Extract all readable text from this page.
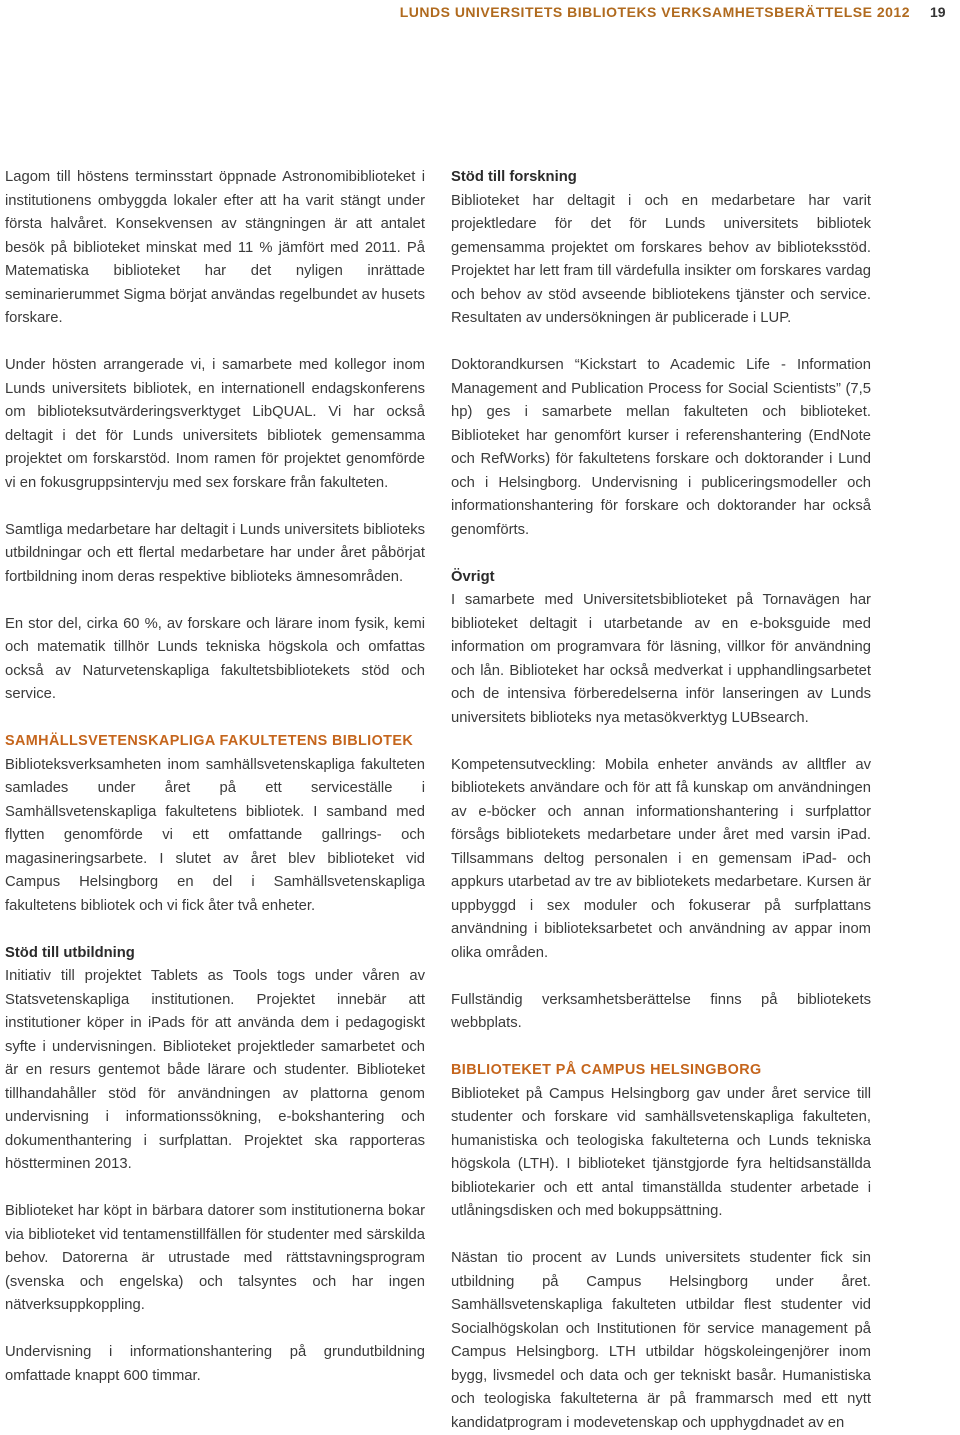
LUNDS UNIVERSITETS BIBLIOTEKS VERKSAMHETSBERÄTTELSE 2012 19

Lagom till höstens terminsstart öppnade Astronomibiblioteket i institutionens ombyggda lokaler efter att ha varit stängt under första halvåret. Konsekvensen av stängningen är att antalet besök på biblioteket minskat med 11 % jämfört med 2011. På Matematiska biblioteket har det nyligen inrättade seminarierummet Sigma börjat användas regelbundet av husets forskare.

Under hösten arrangerade vi, i samarbete med kollegor inom Lunds universitets bibliotek, en internationell endagskonferens om biblioteksutvärderingsverktyget LibQUAL. Vi har också deltagit i det för Lunds universitets bibliotek gemensamma projektet om forskarstöd. Inom ramen för projektet genomförde vi en fokusgruppsintervju med sex forskare från fakulteten.

Samtliga medarbetare har deltagit i Lunds universitets biblioteks utbildningar och ett flertal medarbetare har under året påbörjat fortbildning inom deras respektive biblioteks ämnesområden.

En stor del, cirka 60 %, av forskare och lärare inom fysik, kemi och matematik tillhör Lunds tekniska högskola och omfattas också av Naturvetenskapliga fakultetsbibliotekets stöd och service.

SAMHÄLLSVETENSKAPLIGA FAKULTETENS BIBLIOTEK

Biblioteksverksamheten inom samhällsvetenskapliga fakulteten samlades under året på ett serviceställe i Samhällsvetenskapliga fakultetens bibliotek. I samband med flytten genomförde vi ett omfattande gallrings- och magasineringsarbete. I slutet av året blev biblioteket vid Campus Helsingborg en del i Samhällsvetenskapliga fakultetens bibliotek och vi fick åter två enheter.

Stöd till utbildning

Initiativ till projektet Tablets as Tools togs under våren av Statsvetenskapliga institutionen. Projektet innebär att institutioner köper in iPads för att använda dem i pedagogiskt syfte i undervisningen. Biblioteket projektleder samarbetet och är en resurs gentemot både lärare och studenter. Biblioteket tillhandahåller stöd för användningen av plattorna genom undervisning i informationssökning, e-bokshantering och dokumenthantering i surfplattan. Projektet ska rapporteras höstterminen 2013.

Biblioteket har köpt in bärbara datorer som institutionerna bokar via biblioteket vid tentamenstillfällen för studenter med särskilda behov. Datorerna är utrustade med rättstavningsprogram (svenska och engelska) och talsyntes och har ingen nätverksuppkoppling.

Undervisning i informationshantering på grundutbildning omfattade knappt 600 timmar.

Stöd till forskning

Biblioteket har deltagit i och en medarbetare har varit projektledare för det för Lunds universitets bibliotek gemensamma projektet om forskares behov av biblioteksstöd. Projektet har lett fram till värdefulla insikter om forskares vardag och behov av stöd avseende bibliotekens tjänster och service. Resultaten av undersökningen är publicerade i LUP.

Doktorandkursen “Kickstart to Academic Life - Information Management and Publication Process for Social Scientists” (7,5 hp) ges i samarbete mellan fakulteten och biblioteket. Biblioteket har genomfört kurser i referenshantering (EndNote och RefWorks) för fakultetens forskare och doktorander i Lund och i Helsingborg. Undervisning i publiceringsmodeller och informationshantering för forskare och doktorander har också genomförts.

Övrigt

I samarbete med Universitetsbiblioteket på Tornavägen har biblioteket deltagit i utarbetande av en e-boksguide med information om programvara för läsning, villkor för användning och lån. Biblioteket har också medverkat i upphandlingsarbetet och de intensiva förberedelserna inför lanseringen av Lunds universitets biblioteks nya metasökverktyg LUBsearch.

Kompetensutveckling: Mobila enheter används av alltfler av bibliotekets användare och för att få kunskap om användningen av e-böcker och annan informationshantering i surfplattor försågs bibliotekets medarbetare under året med varsin iPad. Tillsammans deltog personalen i en gemensam iPad- och appkurs utarbetad av tre av bibliotekets medarbetare. Kursen är uppbyggd i sex moduler och fokuserar på surfplattans användning i biblioteksarbetet och användning av appar inom olika områden.

Fullständig verksamhetsberättelse finns på bibliotekets webbplats.

BIBLIOTEKET PÅ CAMPUS HELSINGBORG

Biblioteket på Campus Helsingborg gav under året service till studenter och forskare vid samhällsvetenskapliga fakulteten, humanistiska och teologiska fakulteterna och Lunds tekniska högskola (LTH). I biblioteket tjänstgjorde fyra heltidsanställda bibliotekarier och ett antal timanställda studenter arbetade i utlåningsdisken och med bokuppsättning.

Nästan tio procent av Lunds universitets studenter fick sin utbildning på Campus Helsingborg under året. Samhällsvetenskapliga fakulteten utbildar flest studenter vid Socialhögskolan och Institutionen för service management på Campus Helsingborg. LTH utbildar högskoleingenjörer inom bygg, livsmedel och data och ger tekniskt basår. Humanistiska och teologiska fakulteterna är på frammarsch med ett nytt kandidatprogram i modevetenskap och upphygdnadet av en
